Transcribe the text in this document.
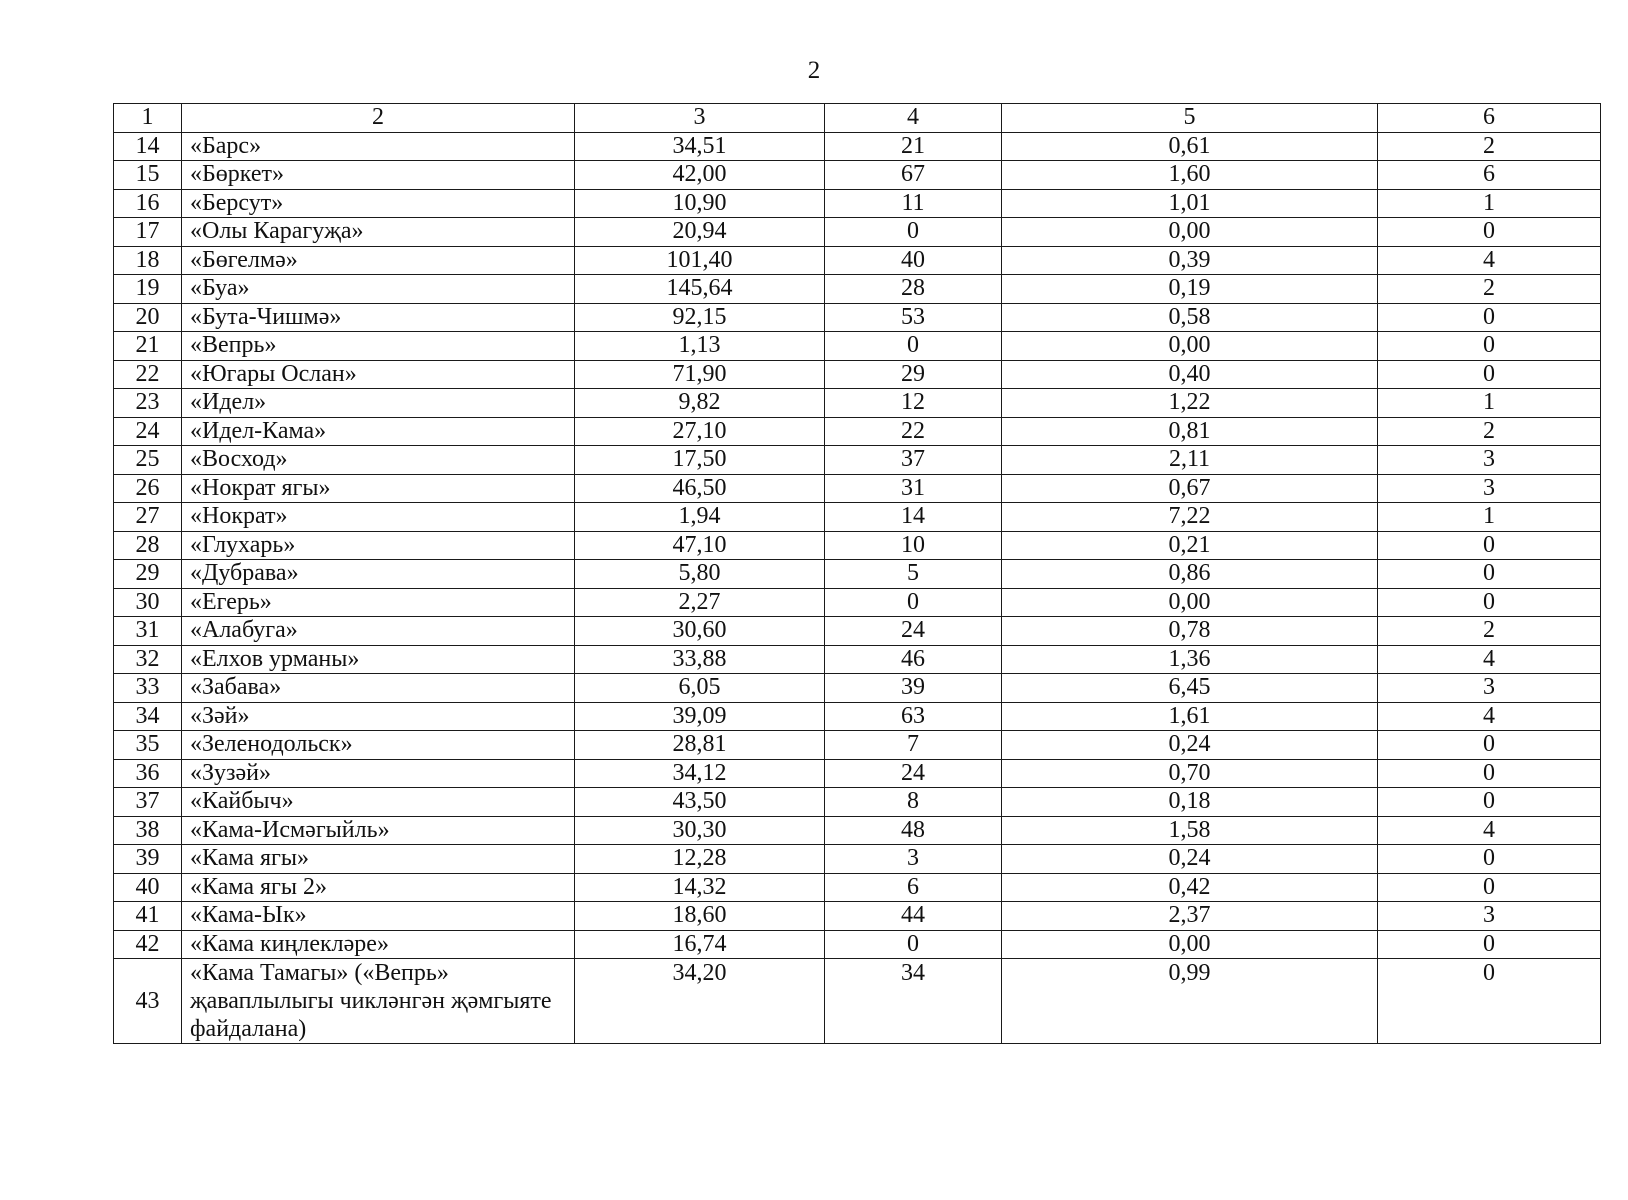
2
1	2	3	4	5	6
14	«Барс»	34,51	21	0,61	2
15	«Бөркет»	42,00	67	1,60	6
16	«Берсут»	10,90	11	1,01	1
17	«Олы Карагуҗа»	20,94	0	0,00	0
18	«Бөгелмә»	101,40	40	0,39	4
19	«Буа»	145,64	28	0,19	2
20	«Бута-Чишмә»	92,15	53	0,58	0
21	«Вепрь»	1,13	0	0,00	0
22	«Югары Ослан»	71,90	29	0,40	0
23	«Идел»	9,82	12	1,22	1
24	«Идел-Кама»	27,10	22	0,81	2
25	«Восход»	17,50	37	2,11	3
26	«Нократ ягы»	46,50	31	0,67	3
27	«Нократ»	1,94	14	7,22	1
28	«Глухарь»	47,10	10	0,21	0
29	«Дубрава»	5,80	5	0,86	0
30	«Егерь»	2,27	0	0,00	0
31	«Алабуга»	30,60	24	0,78	2
32	«Елхов урманы»	33,88	46	1,36	4
33	«Забава»	6,05	39	6,45	3
34	«Зәй»	39,09	63	1,61	4
35	«Зеленодольск»	28,81	7	0,24	0
36	«Зузәй»	34,12	24	0,70	0
37	«Кайбыч»	43,50	8	0,18	0
38	«Кама-Исмәгыйль»	30,30	48	1,58	4
39	«Кама ягы»	12,28	3	0,24	0
40	«Кама ягы 2»	14,32	6	0,42	0
41	«Кама-Ык»	18,60	44	2,37	3
42	«Кама киңлекләре»	16,74	0	0,00	0
43	«Кама Тамагы» («Вепрь» җаваплылыгы чикләнгән җәмгыяте файдалана)	34,20	34	0,99	0
